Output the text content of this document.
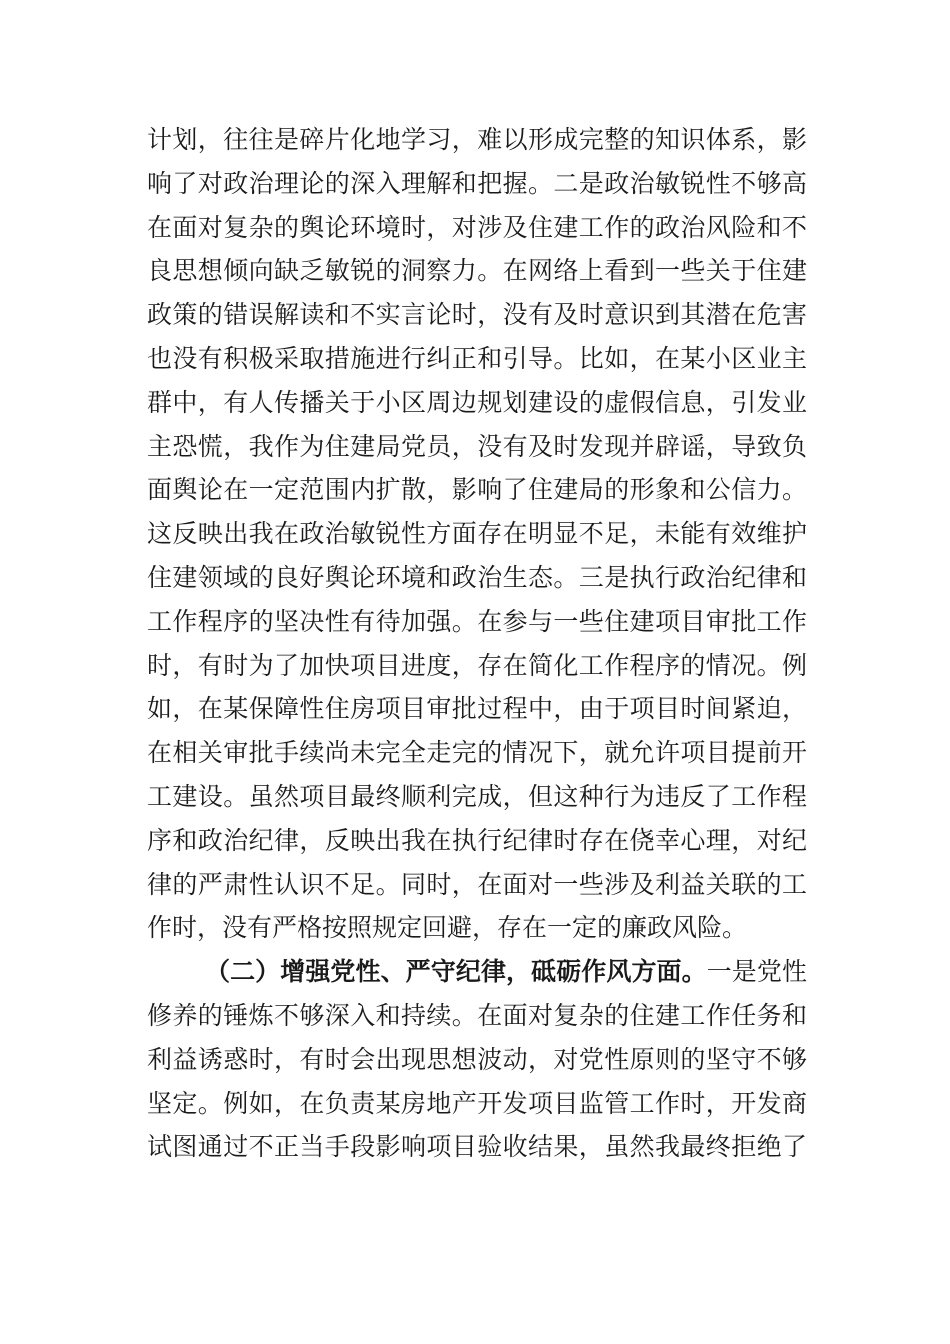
计划，往往是碎片化地学习，难以形成完整的知识体系，影
响了对政治理论的深入理解和把握。二是政治敏锐性不够高
在面对复杂的舆论环境时，对涉及住建工作的政治风险和不
良思想倾向缺乏敏锐的洞察力。在网络上看到一些关于住建
政策的错误解读和不实言论时，没有及时意识到其潜在危害
也没有积极采取措施进行纠正和引导。比如，在某小区业主
群中，有人传播关于小区周边规划建设的虚假信息，引发业
主恐慌，我作为住建局党员，没有及时发现并辟谣，导致负
面舆论在一定范围内扩散，影响了住建局的形象和公信力。
这反映出我在政治敏锐性方面存在明显不足，未能有效维护
住建领域的良好舆论环境和政治生态。三是执行政治纪律和
工作程序的坚决性有待加强。在参与一些住建项目审批工作
时，有时为了加快项目进度，存在简化工作程序的情况。例
如，在某保障性住房项目审批过程中，由于项目时间紧迫，
在相关审批手续尚未完全走完的情况下，就允许项目提前开
工建设。虽然项目最终顺利完成，但这种行为违反了工作程
序和政治纪律，反映出我在执行纪律时存在侥幸心理，对纪
律的严肃性认识不足。同时，在面对一些涉及利益关联的工
作时，没有严格按照规定回避，存在一定的廉政风险。
（二）增强党性、严守纪律，砥砺作风方面。一是党性
修养的锤炼不够深入和持续。在面对复杂的住建工作任务和
利益诱惑时，有时会出现思想波动，对党性原则的坚守不够
坚定。例如，在负责某房地产开发项目监管工作时，开发商
试图通过不正当手段影响项目验收结果，虽然我最终拒绝了
